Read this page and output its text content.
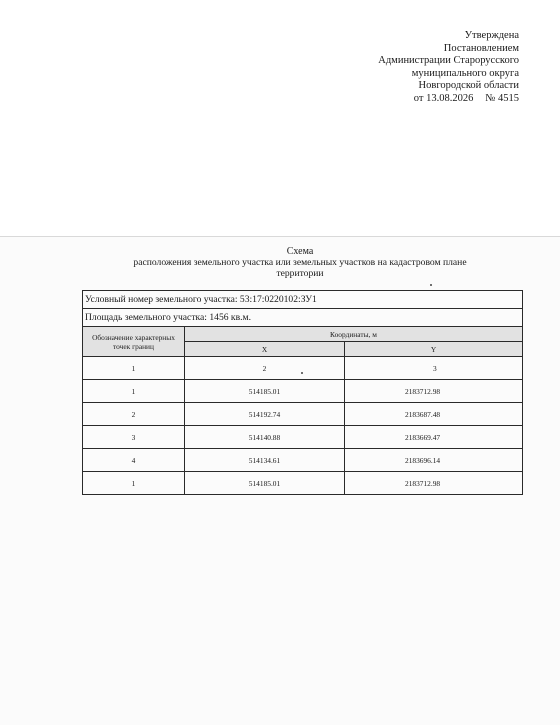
Утверждена
Постановлением
Администрации Старорусского
муниципального округа
Новгородской области
от 13.08.2026 № 4515
Схема
расположения земельного участка или земельных участков на кадастровом плане
территории
Условный номер земельного участка: 53:17:0220102:ЗУ1		
Площадь земельного участка: 1456 кв.м.		
Обозначение характерных точек границ	Координаты, м	
	X	Y
1	2	3
1	514185.01	2183712.98
2	514192.74	2183687.48
3	514140.88	2183669.47
4	514134.61	2183696.14
1	514185.01	2183712.98
